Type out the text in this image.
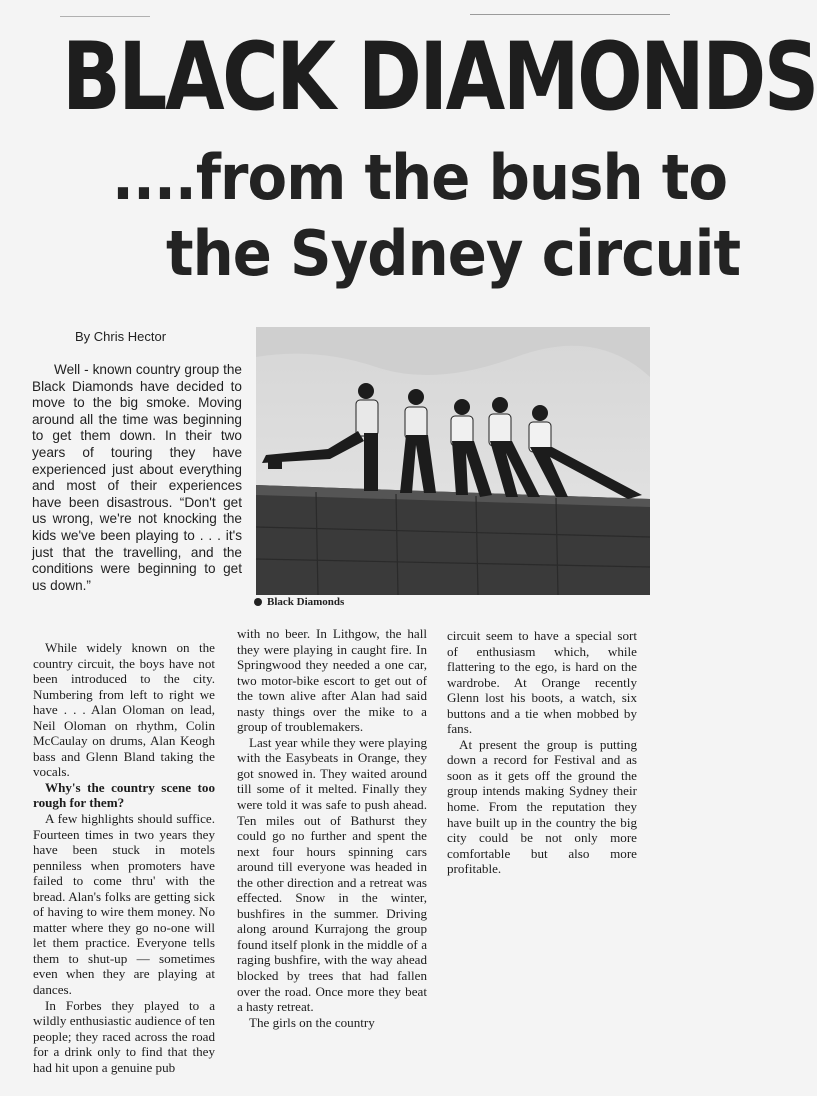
BLACK DIAMONDS
....from the bush to
the Sydney circuit
By Chris Hector

Well - known country group the Black Diamonds have decided to move to the big smoke. Moving around all the time was beginning to get them down. In their two years of touring they have experienced just about everything and most of their experiences have been disastrous. “Don't get us wrong, we're not knocking the kids we've been playing to . . . it's just that the travelling, and the conditions were beginning to get us down.”

Black Diamonds

While widely known on the country circuit, the boys have not been introduced to the city. Numbering from left to right we have . . . Alan Oloman on lead, Neil Oloman on rhythm, Colin McCaulay on drums, Alan Keogh bass and Glenn Bland taking the vocals.

Why's the country scene too rough for them?

A few highlights should suffice. Fourteen times in two years they have been stuck in motels penniless when promoters have failed to come thru' with the bread. Alan's folks are getting sick of having to wire them money. No matter where they go no-one will let them practice. Everyone tells them to shut-up — sometimes even when they are playing at dances.

In Forbes they played to a wildly enthusiastic audience of ten people; they raced across the road for a drink only to find that they had hit upon a genuine pub

with no beer. In Lithgow, the hall they were playing in caught fire. In Springwood they needed a one car, two motor-bike escort to get out of the town alive after Alan had said nasty things over the mike to a group of troublemakers.

Last year while they were playing with the Easybeats in Orange, they got snowed in. They waited around till some of it melted. Finally they were told it was safe to push ahead. Ten miles out of Bathurst they could go no further and spent the next four hours spinning cars around till everyone was headed in the other direction and a retreat was effected. Snow in the winter, bushfires in the summer. Driving along around Kurrajong the group found itself plonk in the middle of a raging bushfire, with the way ahead blocked by trees that had fallen over the road. Once more they beat a hasty retreat.

The girls on the country

circuit seem to have a special sort of enthusiasm which, while flattering to the ego, is hard on the wardrobe. At Orange recently Glenn lost his boots, a watch, six buttons and a tie when mobbed by fans.

At present the group is putting down a record for Festival and as soon as it gets off the ground the group intends making Sydney their home. From the reputation they have built up in the country the big city could be not only more comfortable but also more profitable.
